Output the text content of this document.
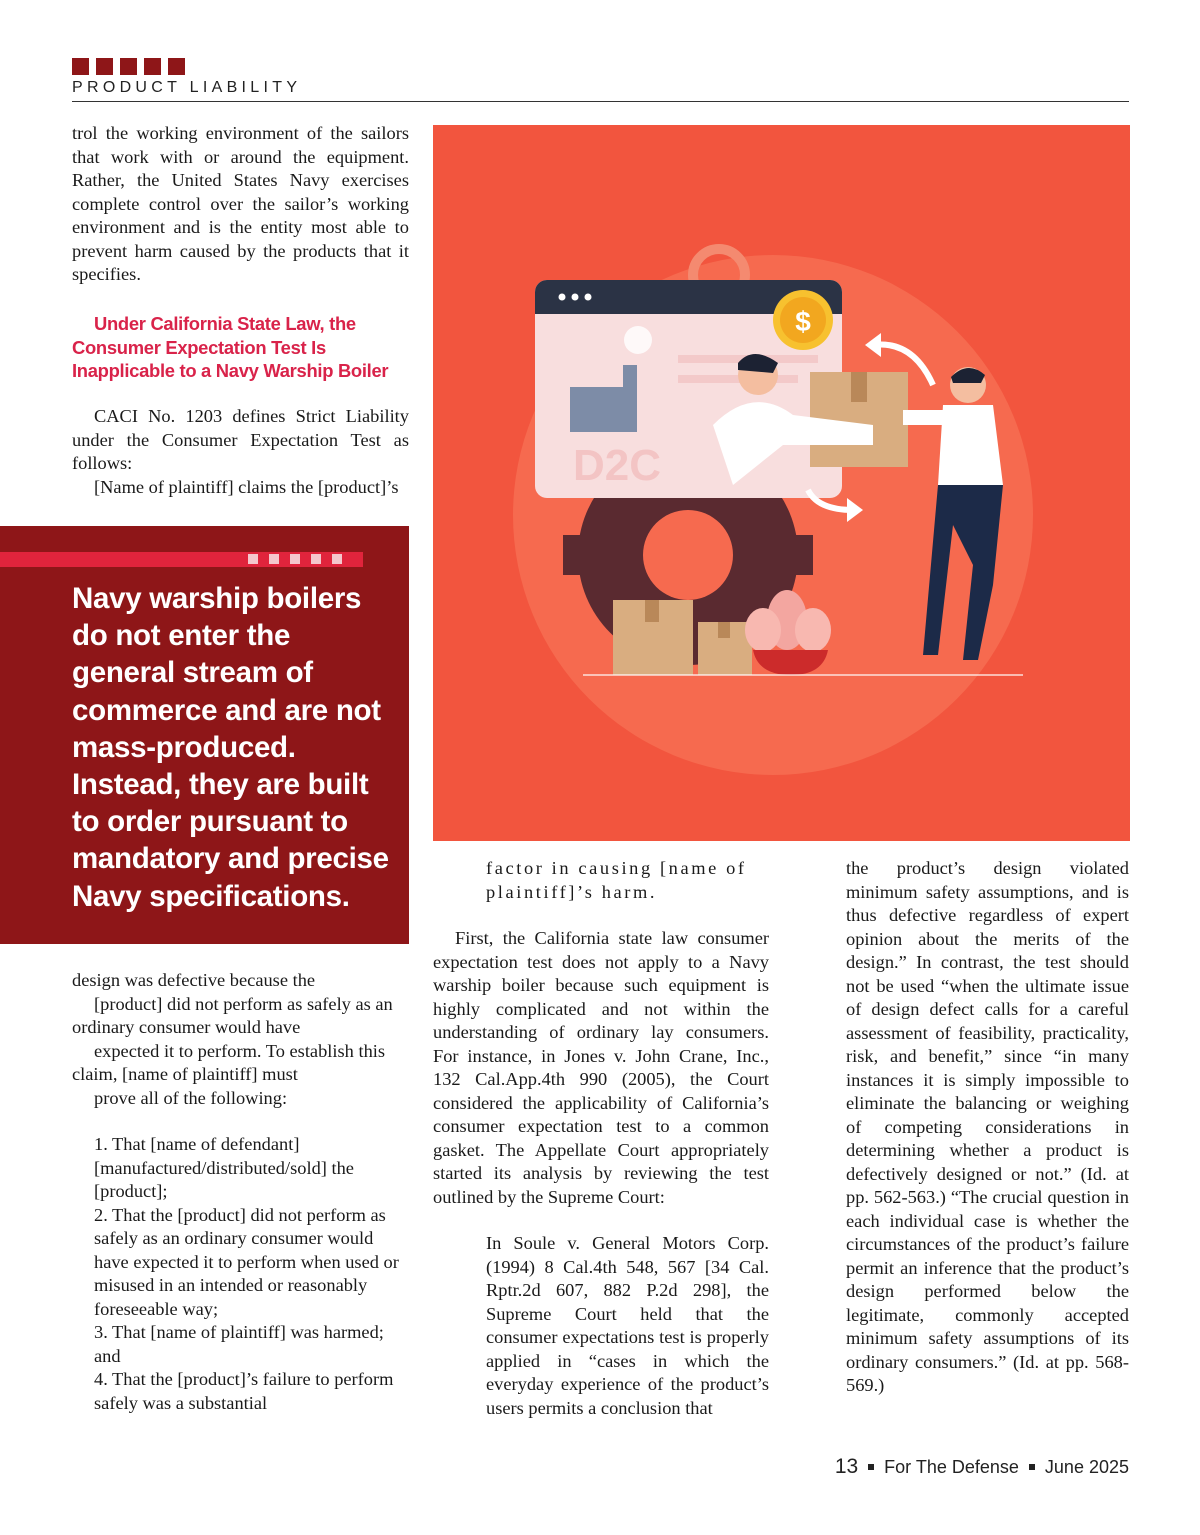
PRODUCT LIABILITY

trol the working environment of the sailors that work with or around the equipment. Rather, the United States Navy exercises complete control over the sailor’s working environment and is the entity most able to prevent harm caused by the products that it specifies.

Under California State Law, the Consumer Expectation Test Is Inapplicable to a Navy Warship Boiler

CACI No. 1203 defines Strict Liability under the Consumer Expectation Test as follows:

[Name of plaintiff] claims the [product]’s

Navy warship boilers do not enter the general stream of commerce and are not mass-produced. Instead, they are built to order pursuant to mandatory and precise Navy specifications.

design was defective because the

[product] did not perform as safely as an

ordinary consumer would have

expected it to perform. To establish this

claim, [name of plaintiff] must

prove all of the following:

1. That [name of defendant] [manufactured/distributed/sold] the [product];
2. That the [product] did not perform as safely as an ordinary consumer would have expected it to perform when used or misused in an intended or reasonably foreseeable way;
3. That [name of plaintiff] was harmed; and
4. That the [product]’s failure to perform safely was a substantial
D2C
$

factor in causing [name of plaintiff]’s harm.

First, the California state law consumer expectation test does not apply to a Navy warship boiler because such equipment is highly complicated and not within the understanding of ordinary lay consumers. For instance, in Jones v. John Crane, Inc., 132 Cal.App.4th 990 (2005), the Court considered the applicability of California’s consumer expectation test to a common gasket. The Appellate Court appropriately started its analysis by reviewing the test outlined by the Supreme Court:

In Soule v. General Motors Corp. (1994) 8 Cal.4th 548, 567 [34 Cal. Rptr.2d 607, 882 P.2d 298], the Supreme Court held that the consumer expectations test is properly applied in “cases in which the everyday experience of the product’s users permits a conclusion that

the product’s design violated minimum safety assumptions, and is thus defective regardless of expert opinion about the merits of the design.” In contrast, the test should not be used “when the ultimate issue of design defect calls for a careful assessment of feasibility, practicality, risk, and benefit,” since “in many instances it is simply impossible to eliminate the balancing or weighing of competing considerations in determining whether a product is defectively designed or not.” (Id. at pp. 562-563.) “The crucial question in each individual case is whether the circumstances of the product’s failure permit an inference that the product’s design performed below the legitimate, commonly accepted minimum safety assumptions of its ordinary consumers.” (Id. at pp. 568-569.)

13 For The Defense June 2025
